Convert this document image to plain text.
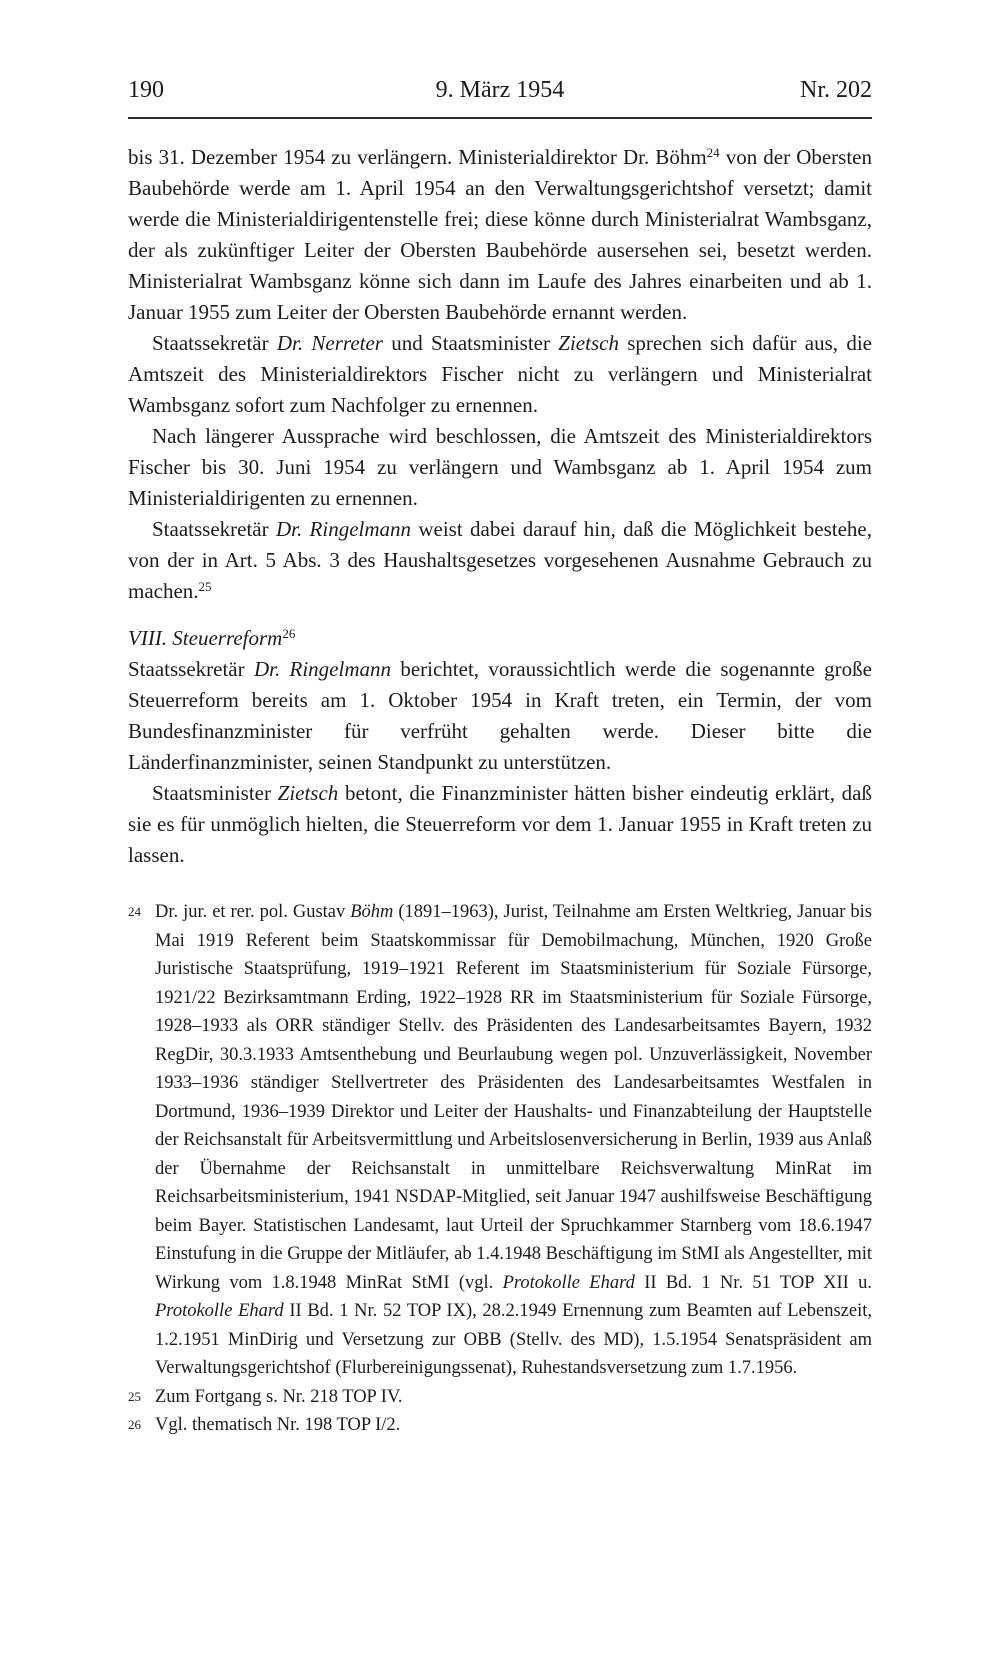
190	9. März 1954	Nr. 202

bis 31. Dezember 1954 zu verlängern. Ministerialdirektor Dr. Böhm$^{24}$ von der Obersten Baubehörde werde am 1. April 1954 an den Verwaltungsgerichtshof versetzt; damit werde die Ministerialdirigentenstelle frei; diese könne durch Ministerialrat Wambsganz, der als zukünftiger Leiter der Obersten Baubehörde ausersehen sei, besetzt werden. Ministerialrat Wambsganz könne sich dann im Laufe des Jahres einarbeiten und ab 1. Januar 1955 zum Leiter der Obersten Baubehörde ernannt werden.

Staatssekretär Dr. Nerreter und Staatsminister Zietsch sprechen sich dafür aus, die Amtszeit des Ministerialdirektors Fischer nicht zu verlängern und Ministerialrat Wambsganz sofort zum Nachfolger zu ernennen.

Nach längerer Aussprache wird beschlossen, die Amtszeit des Ministerialdirektors Fischer bis 30. Juni 1954 zu verlängern und Wambsganz ab 1. April 1954 zum Ministerialdirigenten zu ernennen.

Staatssekretär Dr. Ringelmann weist dabei darauf hin, daß die Möglichkeit bestehe, von der in Art. 5 Abs. 3 des Haushaltsgesetzes vorgesehenen Ausnahme Gebrauch zu machen.$^{25}$

VIII. Steuerreform$^{26}$

Staatssekretär Dr. Ringelmann berichtet, voraussichtlich werde die sogenannte große Steuerreform bereits am 1. Oktober 1954 in Kraft treten, ein Termin, der vom Bundesfinanzminister für verfrüht gehalten werde. Dieser bitte die Länderfinanzminister, seinen Standpunkt zu unterstützen.

Staatsminister Zietsch betont, die Finanzminister hätten bisher eindeutig erklärt, daß sie es für unmöglich hielten, die Steuerreform vor dem 1. Januar 1955 in Kraft treten zu lassen.

24 Dr. jur. et rer. pol. Gustav Böhm (1891–1963), Jurist, Teilnahme am Ersten Weltkrieg, Januar bis Mai 1919 Referent beim Staatskommissar für Demobilmachung, München, 1920 Große Juristische Staatsprüfung, 1919–1921 Referent im Staatsministerium für Soziale Fürsorge, 1921/22 Bezirksamtmann Erding, 1922–1928 RR im Staatsministerium für Soziale Fürsorge, 1928–1933 als ORR ständiger Stellv. des Präsidenten des Landesarbeitsamtes Bayern, 1932 RegDir, 30.3.1933 Amtsenthebung und Beurlaubung wegen pol. Unzuverlässigkeit, November 1933–1936 ständiger Stellvertreter des Präsidenten des Landesarbeitsamtes Westfalen in Dortmund, 1936–1939 Direktor und Leiter der Haushalts- und Finanzabteilung der Hauptstelle der Reichsanstalt für Arbeitsvermittlung und Arbeitslosenversicherung in Berlin, 1939 aus Anlaß der Übernahme der Reichsanstalt in unmittelbare Reichsverwaltung MinRat im Reichsarbeitsministerium, 1941 NSDAP-Mitglied, seit Januar 1947 aushilfsweise Beschäftigung beim Bayer. Statistischen Landesamt, laut Urteil der Spruchkammer Starnberg vom 18.6.1947 Einstufung in die Gruppe der Mitläufer, ab 1.4.1948 Beschäftigung im StMI als Angestellter, mit Wirkung vom 1.8.1948 MinRat StMI (vgl. Protokolle Ehard II Bd. 1 Nr. 51 TOP XII u. Protokolle Ehard II Bd. 1 Nr. 52 TOP IX), 28.2.1949 Ernennung zum Beamten auf Lebenszeit, 1.2.1951 MinDirig und Versetzung zur OBB (Stellv. des MD), 1.5.1954 Senatspräsident am Verwaltungsgerichtshof (Flurbereinigungssenat), Ruhestandsversetzung zum 1.7.1956.
25 Zum Fortgang s. Nr. 218 TOP IV.
26 Vgl. thematisch Nr. 198 TOP I/2.
